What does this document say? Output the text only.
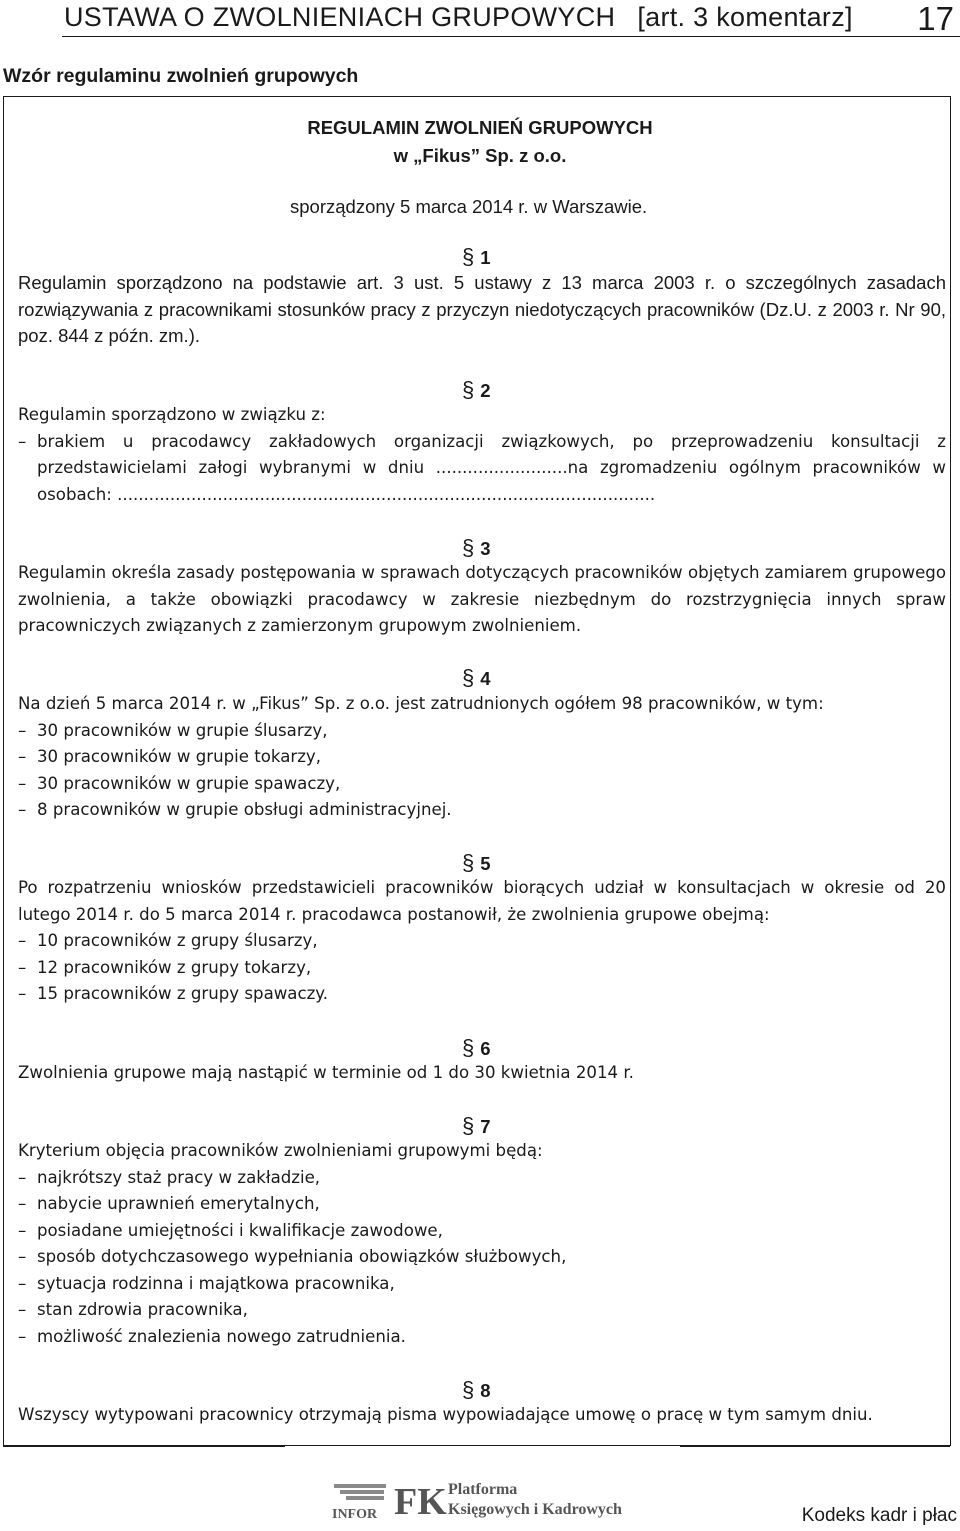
USTAWA O ZWOLNIENIACH GRUPOWYCH [art. 3 komentarz] 17
Wzór regulaminu zwolnień grupowych
REGULAMIN ZWOLNIEŃ GRUPOWYCH
w „Fikus” Sp. z o.o.
sporządzony 5 marca 2014 r. w Warszawie.
§ 1
Regulamin sporządzono na podstawie art. 3 ust. 5 ustawy z 13 marca 2003 r. o szczególnych zasadach rozwiązywania z pracownikami stosunków pracy z przyczyn niedotyczących pracowników (Dz.U. z 2003 r. Nr 90, poz. 844 z późn. zm.).
§ 2
Regulamin sporządzono w związku z:
– brakiem u pracodawcy zakładowych organizacji związkowych, po przeprowadzeniu konsultacji z przedstawicielami załogi wybranymi w dniu .........................na zgromadzeniu ogólnym pracowników w osobach: ......................................................................................................
§ 3
Regulamin określa zasady postępowania w sprawach dotyczących pracowników objętych zamiarem grupowego zwolnienia, a także obowiązki pracodawcy w zakresie niezbędnym do rozstrzygnięcia innych spraw pracowniczych związanych z zamierzonym grupowym zwolnieniem.
§ 4
Na dzień 5 marca 2014 r. w „Fikus” Sp. z o.o. jest zatrudnionych ogółem 98 pracowników, w tym:
– 30 pracowników w grupie ślusarzy,
– 30 pracowników w grupie tokarzy,
– 30 pracowników w grupie spawaczy,
– 8 pracowników w grupie obsługi administracyjnej.
§ 5
Po rozpatrzeniu wniosków przedstawicieli pracowników biorących udział w konsultacjach w okresie od 20 lutego 2014 r. do 5 marca 2014 r. pracodawca postanowił, że zwolnienia grupowe obejmą:
– 10 pracowników z grupy ślusarzy,
– 12 pracowników z grupy tokarzy,
– 15 pracowników z grupy spawaczy.
§ 6
Zwolnienia grupowe mają nastąpić w terminie od 1 do 30 kwietnia 2014 r.
§ 7
Kryterium objęcia pracowników zwolnieniami grupowymi będą:
– najkrótszy staż pracy w zakładzie,
– nabycie uprawnień emerytalnych,
– posiadane umiejętności i kwalifikacje zawodowe,
– sposób dotychczasowego wypełniania obowiązków służbowych,
– sytuacja rodzinna i majątkowa pracownika,
– stan zdrowia pracownika,
– możliwość znalezienia nowego zatrudnienia.
§ 8
Wszyscy wytypowani pracownicy otrzymają pisma wypowiadające umowę o pracę w tym samym dniu.
INFOR FK Platforma
Księgowych i Kadrowych	Kodeks kadr i płac
